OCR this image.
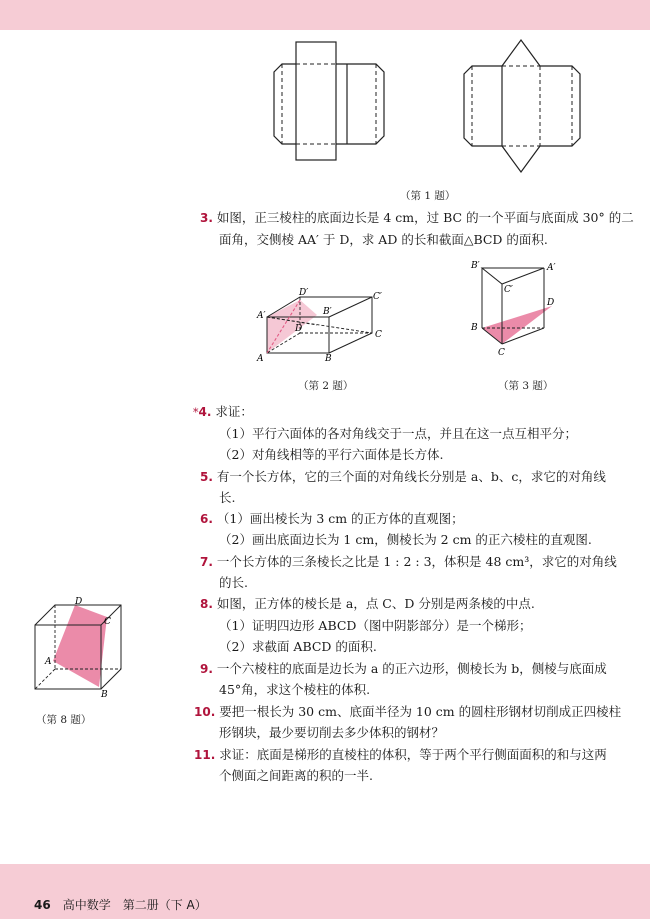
（第 1 题）
3. 如图，正三棱柱的底面边长是 4 cm，过 BC 的一个平面与底面成 30° 的二
面角，交侧棱 AA′ 于 D，求 AD 的长和截面△BCD 的面积.
A	B
C
A′	B′
C′
D′
D
（第 2 题）
B′	A′
C′
D
B
C
（第 3 题）
*4. 求证：
（1）平行六面体的各对角线交于一点，并且在这一点互相平分；
（2）对角线相等的平行六面体是长方体.
5. 有一个长方体，它的三个面的对角线长分别是 a、b、c，求它的对角线
长.
6. （1）画出棱长为 3 cm 的正方体的直观图；
（2）画出底面边长为 1 cm，侧棱长为 2 cm 的正六棱柱的直观图.
7. 一个长方体的三条棱长之比是 1 : 2 : 3，体积是 48 cm³，求它的对角线
的长.
D
C
A
B
（第 8 题）
8. 如图，正方体的棱长是 a，点 C、D 分别是两条棱的中点.
（1）证明四边形 ABCD（图中阴影部分）是一个梯形；
（2）求截面 ABCD 的面积.
9. 一个六棱柱的底面是边长为 a 的正六边形，侧棱长为 b，侧棱与底面成
45°角，求这个棱柱的体积.
10. 要把一根长为 30 cm、底面半径为 10 cm 的圆柱形钢材切削成正四棱柱
形钢块，最少要切削去多少体积的钢材？
11. 求证：底面是梯形的直棱柱的体积，等于两个平行侧面面积的和与这两
个侧面之间距离的积的一半.
46 高中数学　第二册（下 A）
